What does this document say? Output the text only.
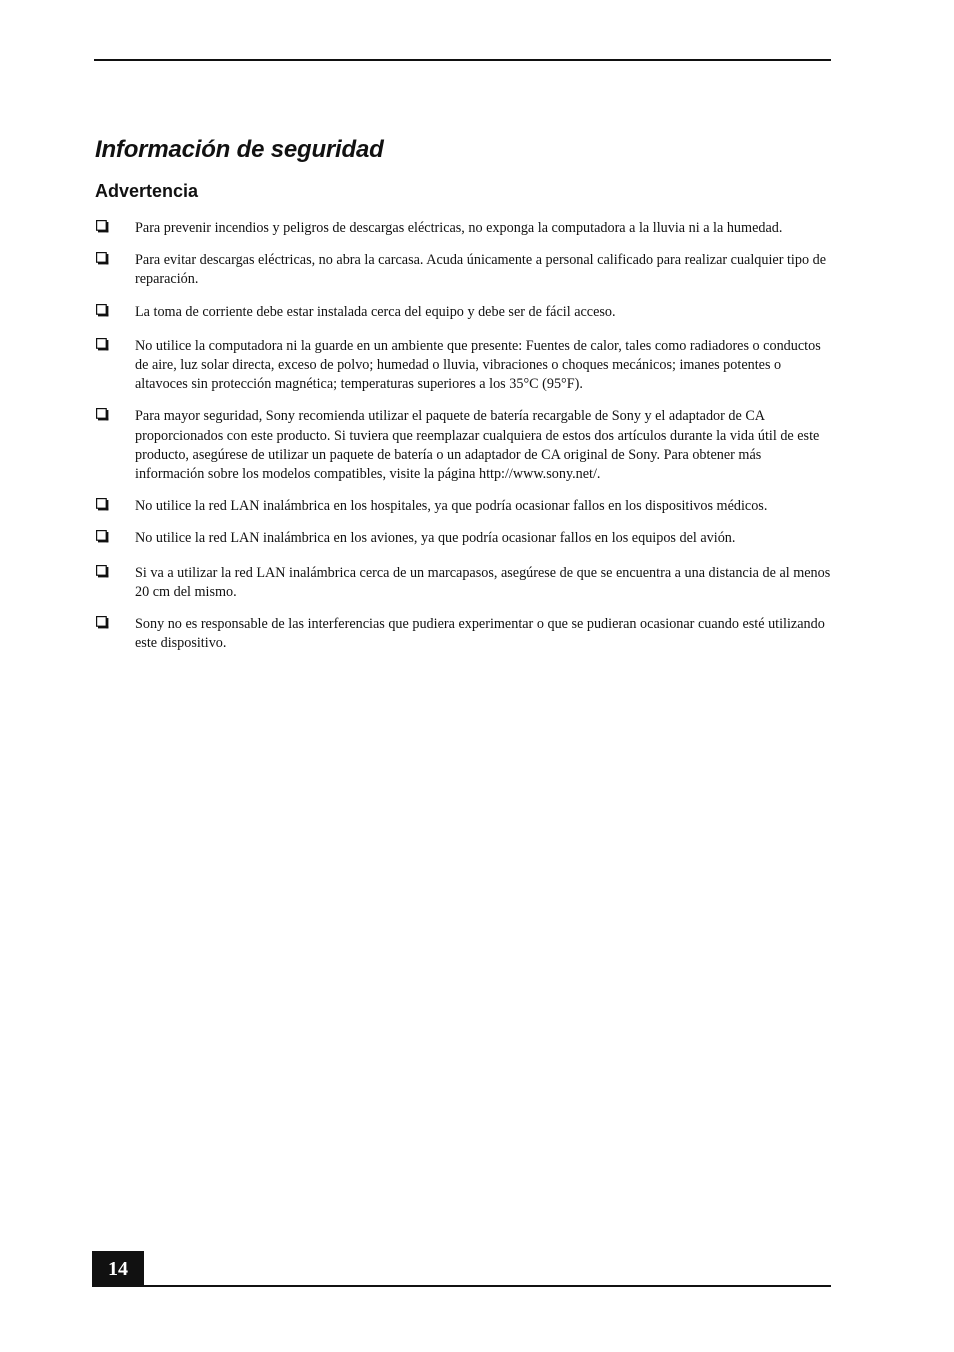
Información de seguridad
Advertencia
Para prevenir incendios y peligros de descargas eléctricas, no exponga la computadora a la lluvia ni a la humedad.
Para evitar descargas eléctricas, no abra la carcasa. Acuda únicamente a personal calificado para realizar cualquier tipo de reparación.
La toma de corriente debe estar instalada cerca del equipo y debe ser de fácil acceso.
No utilice la computadora ni la guarde en un ambiente que presente: Fuentes de calor, tales como radiadores o conductos de aire, luz solar directa, exceso de polvo; humedad o lluvia, vibraciones o choques mecánicos; imanes potentes o altavoces sin protección magnética; temperaturas superiores a los 35°C (95°F).
Para mayor seguridad, Sony recomienda utilizar el paquete de batería recargable de Sony y el adaptador de CA proporcionados con este producto. Si tuviera que reemplazar cualquiera de estos dos artículos durante la vida útil de este producto, asegúrese de utilizar un paquete de batería o un adaptador de CA original de Sony. Para obtener más información sobre los modelos compatibles, visite la página http://www.sony.net/.
No utilice la red LAN inalámbrica en los hospitales, ya que podría ocasionar fallos en los dispositivos médicos.
No utilice la red LAN inalámbrica en los aviones, ya que podría ocasionar fallos en los equipos del avión.
Si va a utilizar la red LAN inalámbrica cerca de un marcapasos, asegúrese de que se encuentra a una distancia de al menos 20 cm del mismo.
Sony no es responsable de las interferencias que pudiera experimentar o que se pudieran ocasionar cuando esté utilizando este dispositivo.
14
